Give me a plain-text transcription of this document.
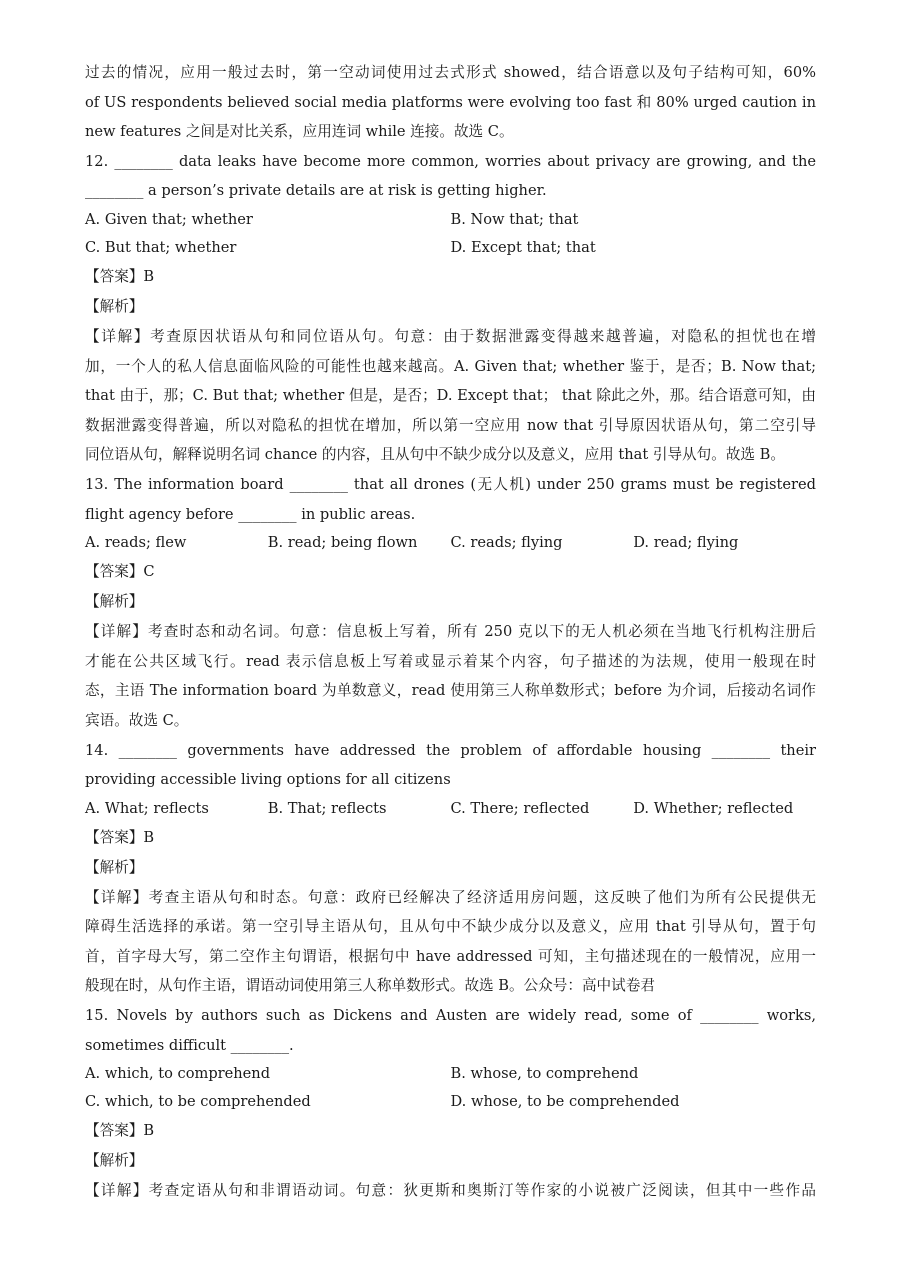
过去的情况，应用一般过去时，第一空动词使用过去式形式 showed，结合语意以及句子结构可知，60%
of US respondents believed social media platforms were evolving too fast 和 80% urged caution in
new features 之间是对比关系，应用连词 while 连接。故选 C。
12. ________ data leaks have become more common, worries about privacy are growing, and the
________ a person’s private details are at risk is getting higher.
A. Given that; whether	B. Now that; that
C. But that; whether	D. Except that; that
【答案】B
【解析】
【详解】考查原因状语从句和同位语从句。句意：由于数据泄露变得越来越普遍，对隐私的担忧也在增
加，一个人的私人信息面临风险的可能性也越来越高。A. Given that; whether 鉴于，是否；B. Now that;
that 由于，那；C. But that; whether 但是，是否；D. Except that； that 除此之外，那。结合语意可知，由
数据泄露变得普遍，所以对隐私的担忧在增加，所以第一空应用 now that 引导原因状语从句，第二空引导
同位语从句，解释说明名词 chance 的内容，且从句中不缺少成分以及意义，应用 that 引导从句。故选 B。
13. The information board ________ that all drones (无人机) under 250 grams must be registered
flight agency before ________ in public areas.
A. reads; flew	B. read; being flown	C. reads; flying	D. read; flying
【答案】C
【解析】
【详解】考查时态和动名词。句意：信息板上写着，所有 250 克以下的无人机必须在当地飞行机构注册后
才能在公共区域飞行。read 表示信息板上写着或显示着某个内容，句子描述的为法规，使用一般现在时
态，主语 The information board 为单数意义，read 使用第三人称单数形式；before 为介词，后接动名词作
宾语。故选 C。
14. ________ governments have addressed the problem of affordable housing ________ their
providing accessible living options for all citizens
A. What; reflects	B. That; reflects	C. There; reflected	D. Whether; reflected
【答案】B
【解析】
【详解】考查主语从句和时态。句意：政府已经解决了经济适用房问题，这反映了他们为所有公民提供无
障碍生活选择的承诺。第一空引导主语从句，且从句中不缺少成分以及意义，应用 that 引导从句，置于句
首，首字母大写，第二空作主句谓语，根据句中 have addressed 可知，主句描述现在的一般情况，应用一
般现在时，从句作主语，谓语动词使用第三人称单数形式。故选 B。公众号：高中试卷君
15. Novels by authors such as Dickens and Austen are widely read, some of ________ works,
sometimes difficult ________.
A. which, to comprehend	B. whose, to comprehend
C. which, to be comprehended	D. whose, to be comprehended
【答案】B
【解析】
【详解】考查定语从句和非谓语动词。句意：狄更斯和奥斯汀等作家的小说被广泛阅读，但其中一些作品
